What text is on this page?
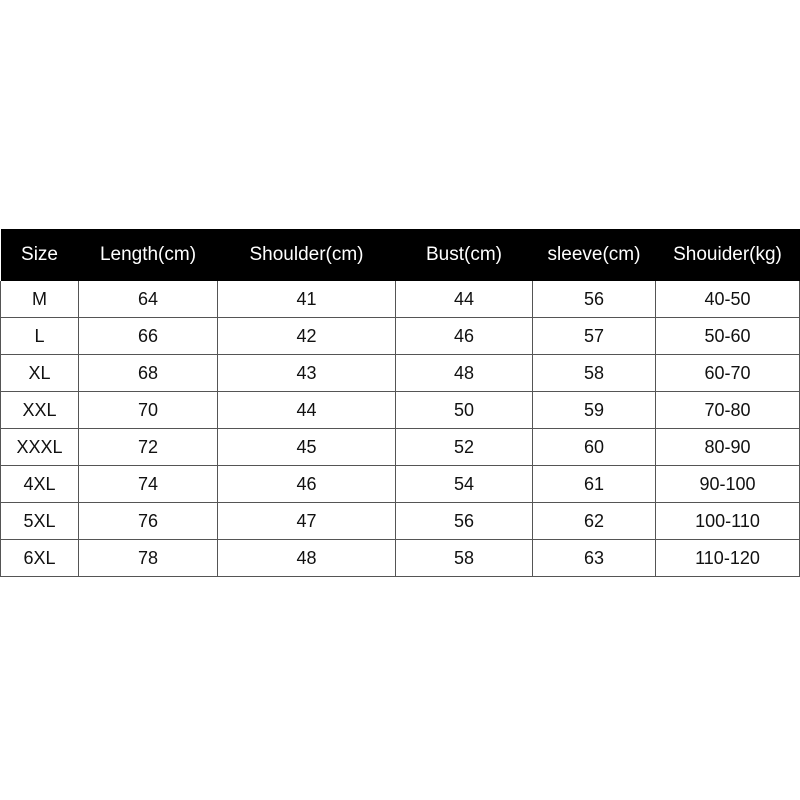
Size	Length(cm)	Shoulder(cm)	Bust(cm)	sleeve(cm)	Shouider(kg)
M	64	41	44	56	40-50
L	66	42	46	57	50-60
XL	68	43	48	58	60-70
XXL	70	44	50	59	70-80
XXXL	72	45	52	60	80-90
4XL	74	46	54	61	90-100
5XL	76	47	56	62	100-110
6XL	78	48	58	63	110-120
